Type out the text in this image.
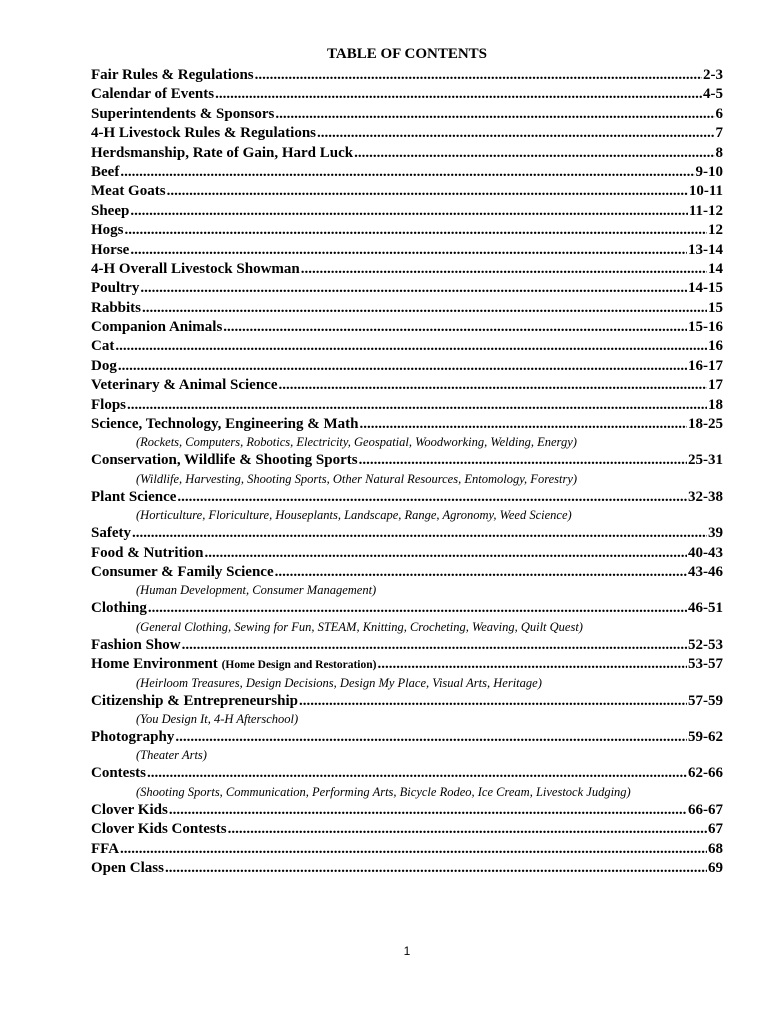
TABLE OF CONTENTS
Fair Rules & Regulations .....	2-3
Calendar of Events .....	4-5
Superintendents & Sponsors .....	6
4-H Livestock Rules & Regulations .....	7
Herdsmanship, Rate of Gain, Hard Luck .....	8
Beef .....	9-10
Meat Goats .....	10-11
Sheep .....	11-12
Hogs .....	12
Horse .....	13-14
4-H Overall Livestock Showman .....	14
Poultry .....	14-15
Rabbits .....	15
Companion Animals .....	15-16
Cat .....	16
Dog .....	16-17
Veterinary & Animal Science .....	17
Flops .....	18
Science, Technology, Engineering & Math .....	18-25
(Rockets, Computers, Robotics, Electricity, Geospatial, Woodworking, Welding, Energy)
Conservation, Wildlife & Shooting Sports .....	25-31
(Wildlife, Harvesting, Shooting Sports, Other Natural Resources, Entomology, Forestry)
Plant Science .....	32-38
(Horticulture, Floriculture, Houseplants, Landscape, Range, Agronomy, Weed Science)
Safety .....	39
Food & Nutrition .....	40-43
Consumer & Family Science .....	43-46
(Human Development, Consumer Management)
Clothing .....	46-51
(General Clothing, Sewing for Fun, STEAM, Knitting, Crocheting, Weaving, Quilt Quest)
Fashion Show .....	52-53
Home Environment (Home Design and Restoration) .....	53-57
(Heirloom Treasures, Design Decisions, Design My Place, Visual Arts, Heritage)
Citizenship & Entrepreneurship .....	57-59
(You Design It, 4-H Afterschool)
Photography .....	59-62
(Theater Arts)
Contests .....	62-66
(Shooting Sports, Communication, Performing Arts, Bicycle Rodeo, Ice Cream, Livestock Judging)
Clover Kids .....	66-67
Clover Kids Contests .....	67
FFA .....	68
Open Class .....	69
1
